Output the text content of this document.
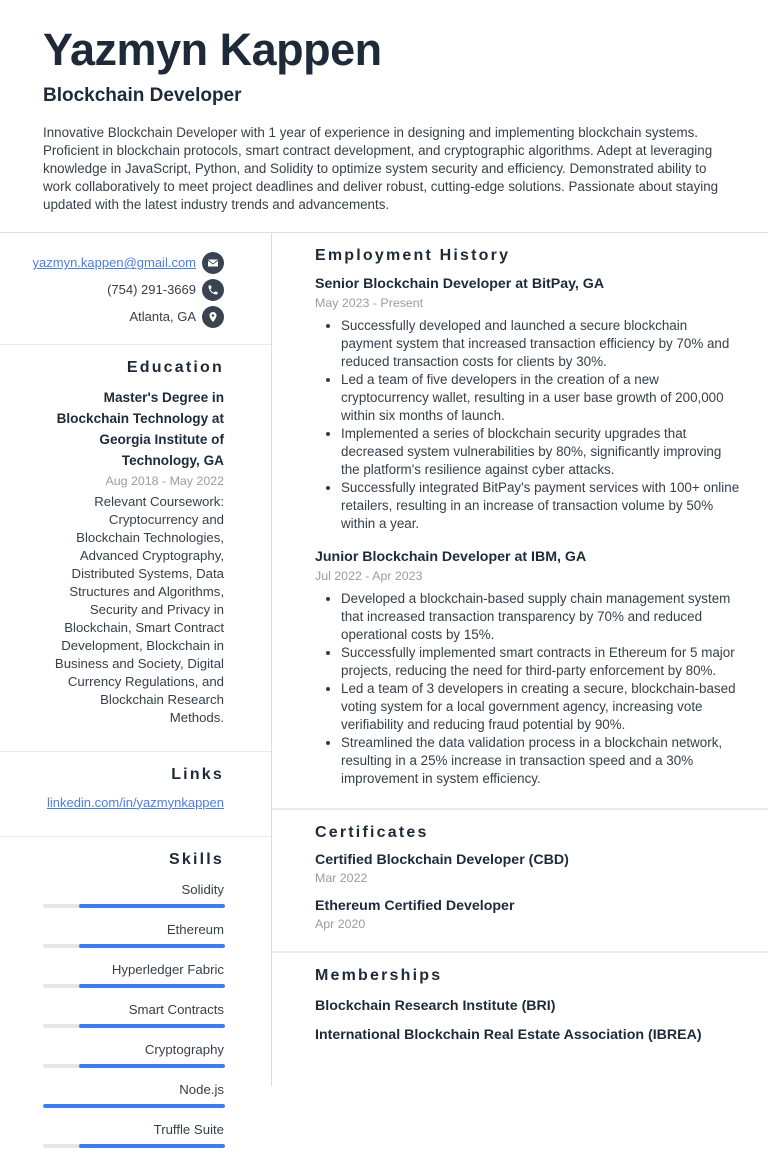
Yazmyn Kappen
Blockchain Developer
Innovative Blockchain Developer with 1 year of experience in designing and implementing blockchain systems. Proficient in blockchain protocols, smart contract development, and cryptographic algorithms. Adept at leveraging knowledge in JavaScript, Python, and Solidity to optimize system security and efficiency. Demonstrated ability to work collaboratively to meet project deadlines and deliver robust, cutting-edge solutions. Passionate about staying updated with the latest industry trends and advancements.
yazmyn.kappen@gmail.com
(754) 291-3669
Atlanta, GA
Education
Master's Degree in Blockchain Technology at Georgia Institute of Technology, GA
Aug 2018 - May 2022
Relevant Coursework: Cryptocurrency and Blockchain Technologies, Advanced Cryptography, Distributed Systems, Data Structures and Algorithms, Security and Privacy in Blockchain, Smart Contract Development, Blockchain in Business and Society, Digital Currency Regulations, and Blockchain Research Methods.
Links
linkedin.com/in/yazmynkappen
Skills
Solidity
Ethereum
Hyperledger Fabric
Smart Contracts
Cryptography
Node.js
Truffle Suite
Employment History
Senior Blockchain Developer at BitPay, GA
May 2023 - Present
• Successfully developed and launched a secure blockchain payment system that increased transaction efficiency by 70% and reduced transaction costs for clients by 30%.
• Led a team of five developers in the creation of a new cryptocurrency wallet, resulting in a user base growth of 200,000 within six months of launch.
• Implemented a series of blockchain security upgrades that decreased system vulnerabilities by 80%, significantly improving the platform's resilience against cyber attacks.
• Successfully integrated BitPay's payment services with 100+ online retailers, resulting in an increase of transaction volume by 50% within a year.
Junior Blockchain Developer at IBM, GA
Jul 2022 - Apr 2023
• Developed a blockchain-based supply chain management system that increased transaction transparency by 70% and reduced operational costs by 15%.
• Successfully implemented smart contracts in Ethereum for 5 major projects, reducing the need for third-party enforcement by 80%.
• Led a team of 3 developers in creating a secure, blockchain-based voting system for a local government agency, increasing vote verifiability and reducing fraud potential by 90%.
• Streamlined the data validation process in a blockchain network, resulting in a 25% increase in transaction speed and a 30% improvement in system efficiency.
Certificates
Certified Blockchain Developer (CBD)
Mar 2022
Ethereum Certified Developer
Apr 2020
Memberships
Blockchain Research Institute (BRI)
International Blockchain Real Estate Association (IBREA)
